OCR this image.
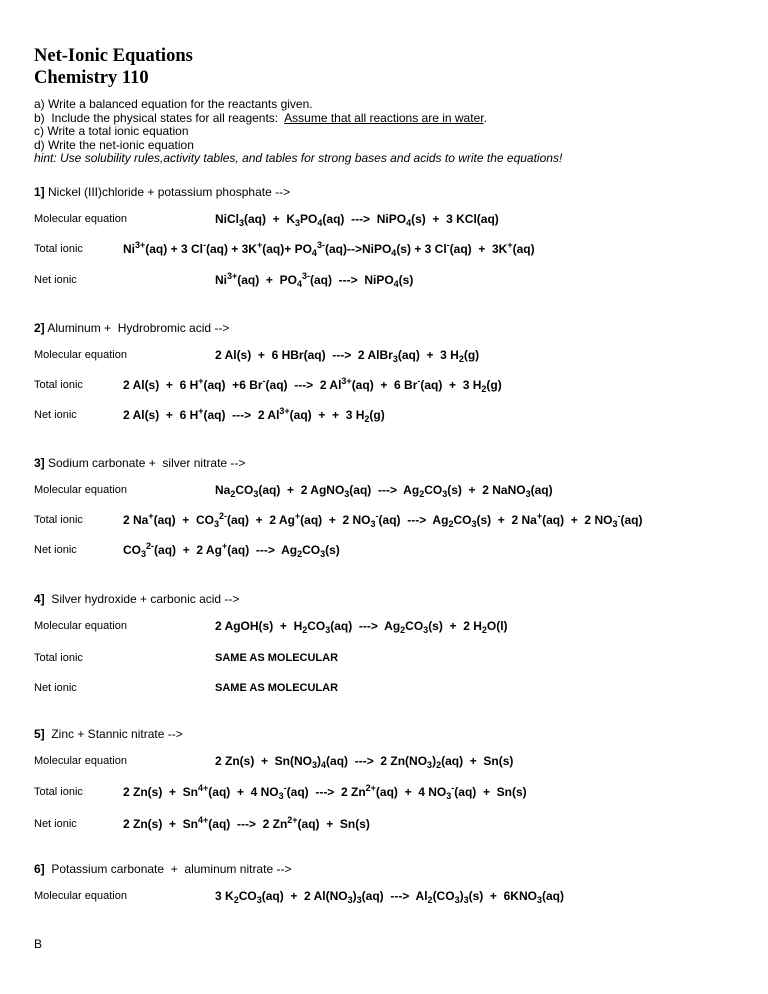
Net-Ionic Equations
Chemistry 110
a) Write a balanced equation for the reactants given.
b)  Include the physical states for all reagents:  Assume that all reactions are in water.
c) Write a total ionic equation
d) Write the net-ionic equation
hint: Use solubility rules,activity tables, and tables for strong bases and acids to write the equations!
1] Nickel (III)chloride + potassium phosphate -->
Molecular equation	NiCl$_3$(aq)  +  $K_3PO_4(aq)$  --->  NiPO$_4$(s)  +  3 KCl(aq)
Total ionic	$Ni^{3+}(aq) + 3$ $Cl^-(aq) + 3K^+(aq)+ PO_4^{3-}(aq)-->NiPO_4(s) + 3$ Cl-(aq)  +  3K+(aq)
Net ionic	$Ni^{3+}(aq) + PO_4^{3-}(aq)$  --->  NiPO$_4$(s)
2] Aluminum +  Hydrobromic acid -->
Molecular equation	2 Al(s)  +  6 HBr(aq)  --->  2 AlBr$_3$(aq)  +  3 $H_2(g)$
Total ionic	2 Al(s)  +  6 H+(aq)  +6 Br-(aq)  --->  2 $Al^{3+}(aq) + 6$ Br-(aq)  +  3 $H_2(g)$
Net ionic	2 Al(s)  +  6 H+(aq)  --->  2 $Al^{3+}(aq)$  +  +  3 $H_2(g)$
3] Sodium carbonate +  silver nitrate -->
Molecular equation	$Na_2CO_3(aq) + 2$ AgNO$_3$(aq)  --->  $Ag_2CO_3(s) + 2$ NaNO$_3$(aq)
Total ionic	2 $Na^+(aq) + CO_3^{2-}(aq) + 2$ Ag+(aq)  +  2 $NO_3^-(aq)$  --->  $Ag_2CO_3(s) + 2$ Na+(aq)  +  2 $NO_3^-(aq)$
Net ionic	$CO_3^{2-}(aq) + 2$ Ag+(aq)  --->  $Ag_2CO_3(s)$
4]  Silver hydroxide + carbonic acid -->
Molecular equation	2 AgOH(s)  +  $H_2CO_3(aq)$  --->  $Ag_2CO_3(s) + 2$ $H_2O(l)$
Total ionic	SAME AS MOLECULAR
Net ionic	SAME AS MOLECULAR
5]  Zinc + Stannic nitrate -->
Molecular equation	2 $Zn(s) + Sn(NO_3)_4(aq)$  --->  2 $Zn(NO_3)_2(aq) + Sn(s)$
Total ionic	2 $Zn(s) + Sn^{4+}(aq) + 4$ $NO_3^-(aq)$  --->  2 $Zn^{2+}(aq) + 4$ $NO_3^-(aq) + Sn(s)$
Net ionic	2 $Zn(s) + Sn^{4+}(aq)$  --->  2 $Zn^{2+}(aq) + Sn(s)$
6]  Potassium carbonate  +  aluminum nitrate -->
Molecular equation	3 $K_2CO_3(aq) + 2$ $Al(NO_3)_3(aq)$  --->  $Al_2(CO_3)_3(s) + 6KNO_3(aq)$
B
